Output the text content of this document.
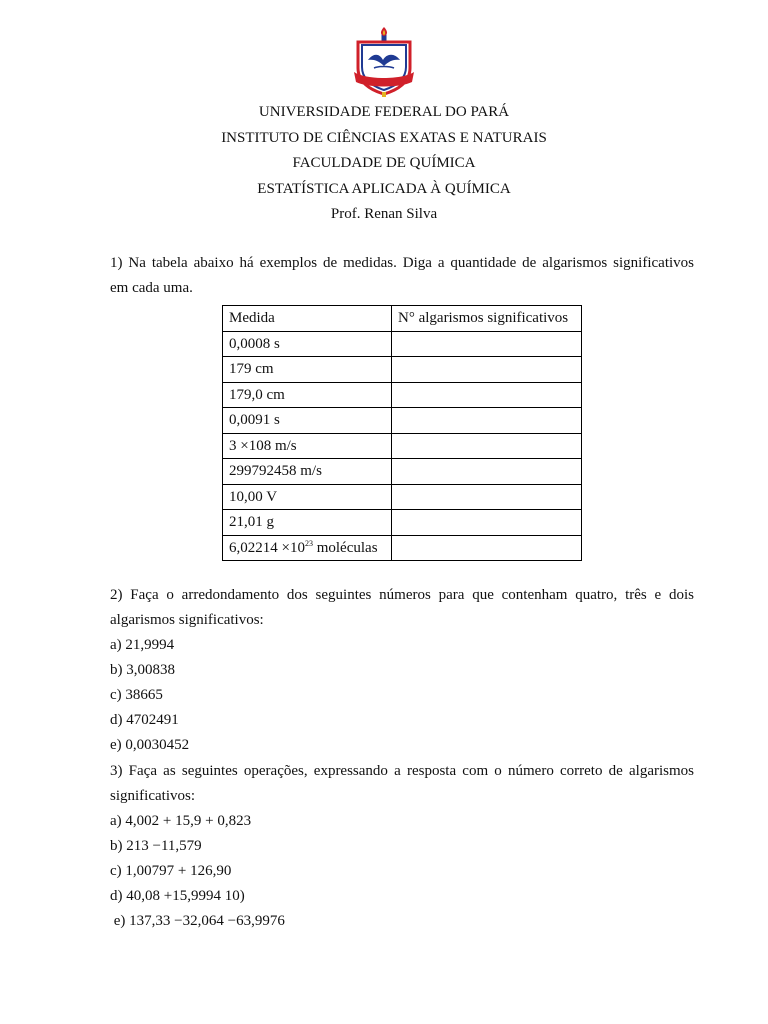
UNIVERSIDADE FEDERAL DO PARÁ
INSTITUTO DE CIÊNCIAS EXATAS E NATURAIS
FACULDADE DE QUÍMICA
ESTATÍSTICA APLICADA À QUÍMICA
Prof. Renan Silva
1) Na tabela abaixo há exemplos de medidas. Diga a quantidade de algarismos significativos
em cada uma.
Medida	N° algarismos significativos
0,0008 s	
179 cm	
179,0 cm	
0,0091 s	
3 ×108 m/s	
299792458 m/s	
10,00 V	
21,01 g	
$6,02214 \times 10^{23}$ moléculas	
2) Faça o arredondamento dos seguintes números para que contenham quatro, três e dois
algarismos significativos:
a) 21,9994
b) 3,00838
c) 38665
d) 4702491
e) 0,0030452
3) Faça as seguintes operações, expressando a resposta com o número correto de algarismos
significativos:
a) 4,002 + 15,9 + 0,823
b) 213 −11,579
c) 1,00797 + 126,90
d) 40,08 +15,9994 10)
e) 137,33 −32,064 −63,9976
